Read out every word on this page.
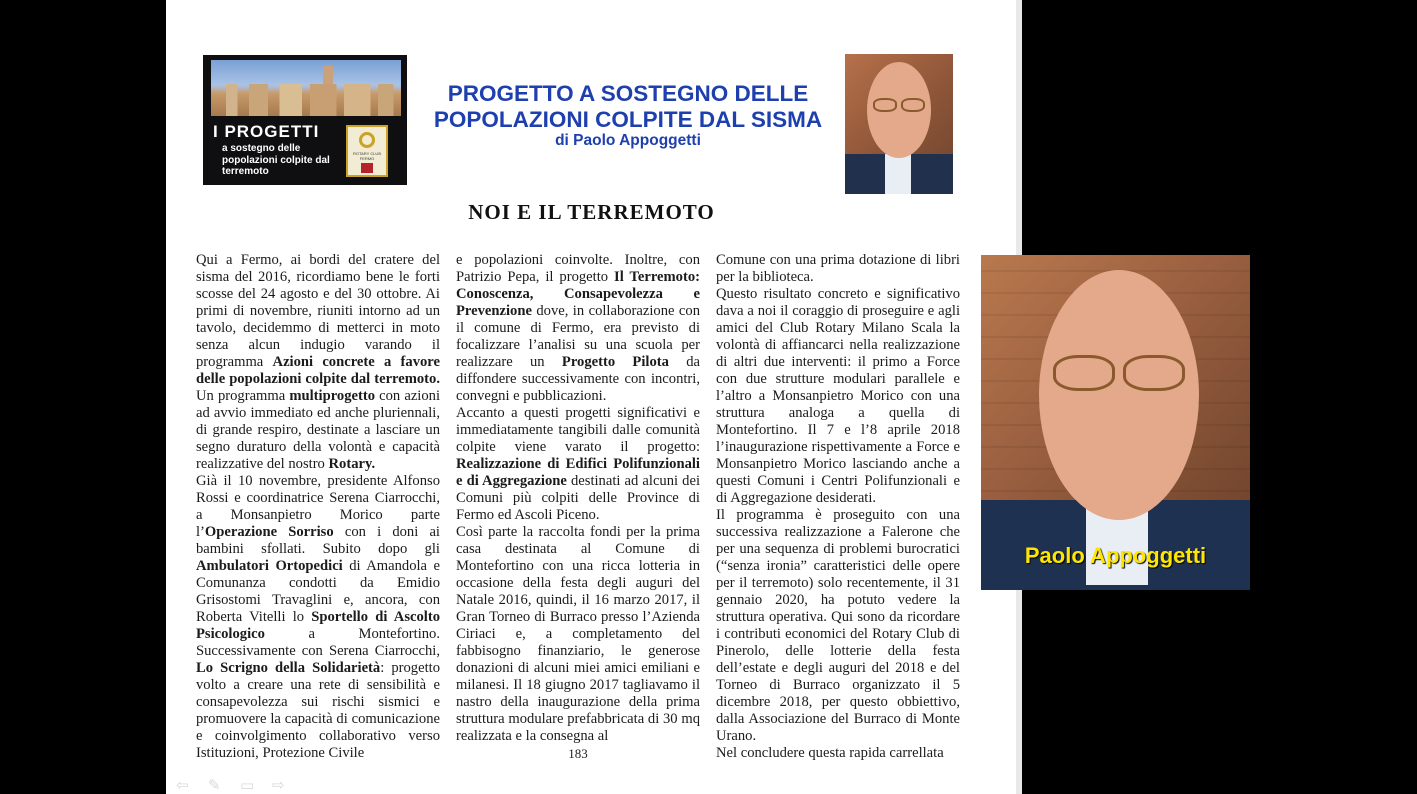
I PROGETTI
a sostegno delle popolazioni colpite dal terremoto
ROTARY CLUB FERMO
PROGETTO A SOSTEGNO DELLE POPOLAZIONI COLPITE DAL SISMA
di Paolo Appoggetti
NOI E IL TERREMOTO

Qui a Fermo, ai bordi del cratere del sisma del 2016, ricordiamo bene le forti scosse del 24 agosto e del 30 ottobre. Ai primi di novembre, riuniti intorno ad un tavolo, decidemmo di metterci in moto senza alcun indugio varando il programma Azioni concrete a favore delle popolazioni colpite dal terremoto. Un programma multiprogetto con azioni ad avvio immediato ed anche pluriennali, di grande respiro, destinate a lasciare un segno duraturo della volontà e capacità realizzative del nostro Rotary.

Già il 10 novembre, presidente Alfonso Rossi e coordinatrice Serena Ciarrocchi, a Monsanpietro Morico parte l’Operazione Sorriso con i doni ai bambini sfollati. Subito dopo gli Ambulatori Ortopedici di Amandola e Comunanza condotti da Emidio Grisostomi Travaglini e, ancora, con Roberta Vitelli lo Sportello di Ascolto Psicologico a Montefortino. Successivamente con Serena Ciarrocchi, Lo Scrigno della Solidarietà: progetto volto a creare una rete di sensibilità e consapevolezza sui rischi sismici e promuovere la capacità di comunicazione e coinvolgimento collaborativo verso Istituzioni, Protezione Civile

e popolazioni coinvolte. Inoltre, con Patrizio Pepa, il progetto Il Terremoto: Conoscenza, Consapevolezza e Prevenzione dove, in collaborazione con il comune di Fermo, era previsto di focalizzare l’analisi su una scuola per realizzare un Progetto Pilota da diffondere successivamente con incontri, convegni e pubblicazioni.

Accanto a questi progetti significativi e immediatamente tangibili dalle comunità colpite viene varato il progetto: Realizzazione di Edifici Polifunzionali e di Aggregazione destinati ad alcuni dei Comuni più colpiti delle Province di Fermo ed Ascoli Piceno.

Così parte la raccolta fondi per la prima casa destinata al Comune di Montefortino con una ricca lotteria in occasione della festa degli auguri del Natale 2016, quindi, il 16 marzo 2017, il Gran Torneo di Burraco presso l’Azienda Ciriaci e, a completamento del fabbisogno finanziario, le generose donazioni di alcuni miei amici emiliani e milanesi. Il 18 giugno 2017 tagliavamo il nastro della inaugurazione della prima struttura modulare prefabbricata di 30 mq realizzata e la consegna al

Comune con una prima dotazione di libri per la biblioteca.

Questo risultato concreto e significativo dava a noi il coraggio di proseguire e agli amici del Club Rotary Milano Scala la volontà di affiancarci nella realizzazione di altri due interventi: il primo a Force con due strutture modulari parallele e l’altro a Monsanpietro Morico con una struttura analoga a quella di Montefortino. Il 7 e l’8 aprile 2018 l’inaugurazione rispettivamente a Force e Monsanpietro Morico lasciando anche a questi Comuni i Centri Polifunzionali e di Aggregazione desiderati.

Il programma è proseguito con una successiva realizzazione a Falerone che per una sequenza di problemi burocratici (“senza ironia” caratteristici delle opere per il terremoto) solo recentemente, il 31 gennaio 2020, ha potuto vedere la struttura operativa. Qui sono da ricordare i contributi economici del Rotary Club di Pinerolo, delle lotterie della festa dell’estate e degli auguri del 2018 e del Torneo di Burraco organizzato il 5 dicembre 2018, per questo obbiettivo, dalla Associazione del Burraco di Monte Urano.

Nel concludere questa rapida carrellata

183
⇦	✎	▭	⇨
Paolo Appoggetti
